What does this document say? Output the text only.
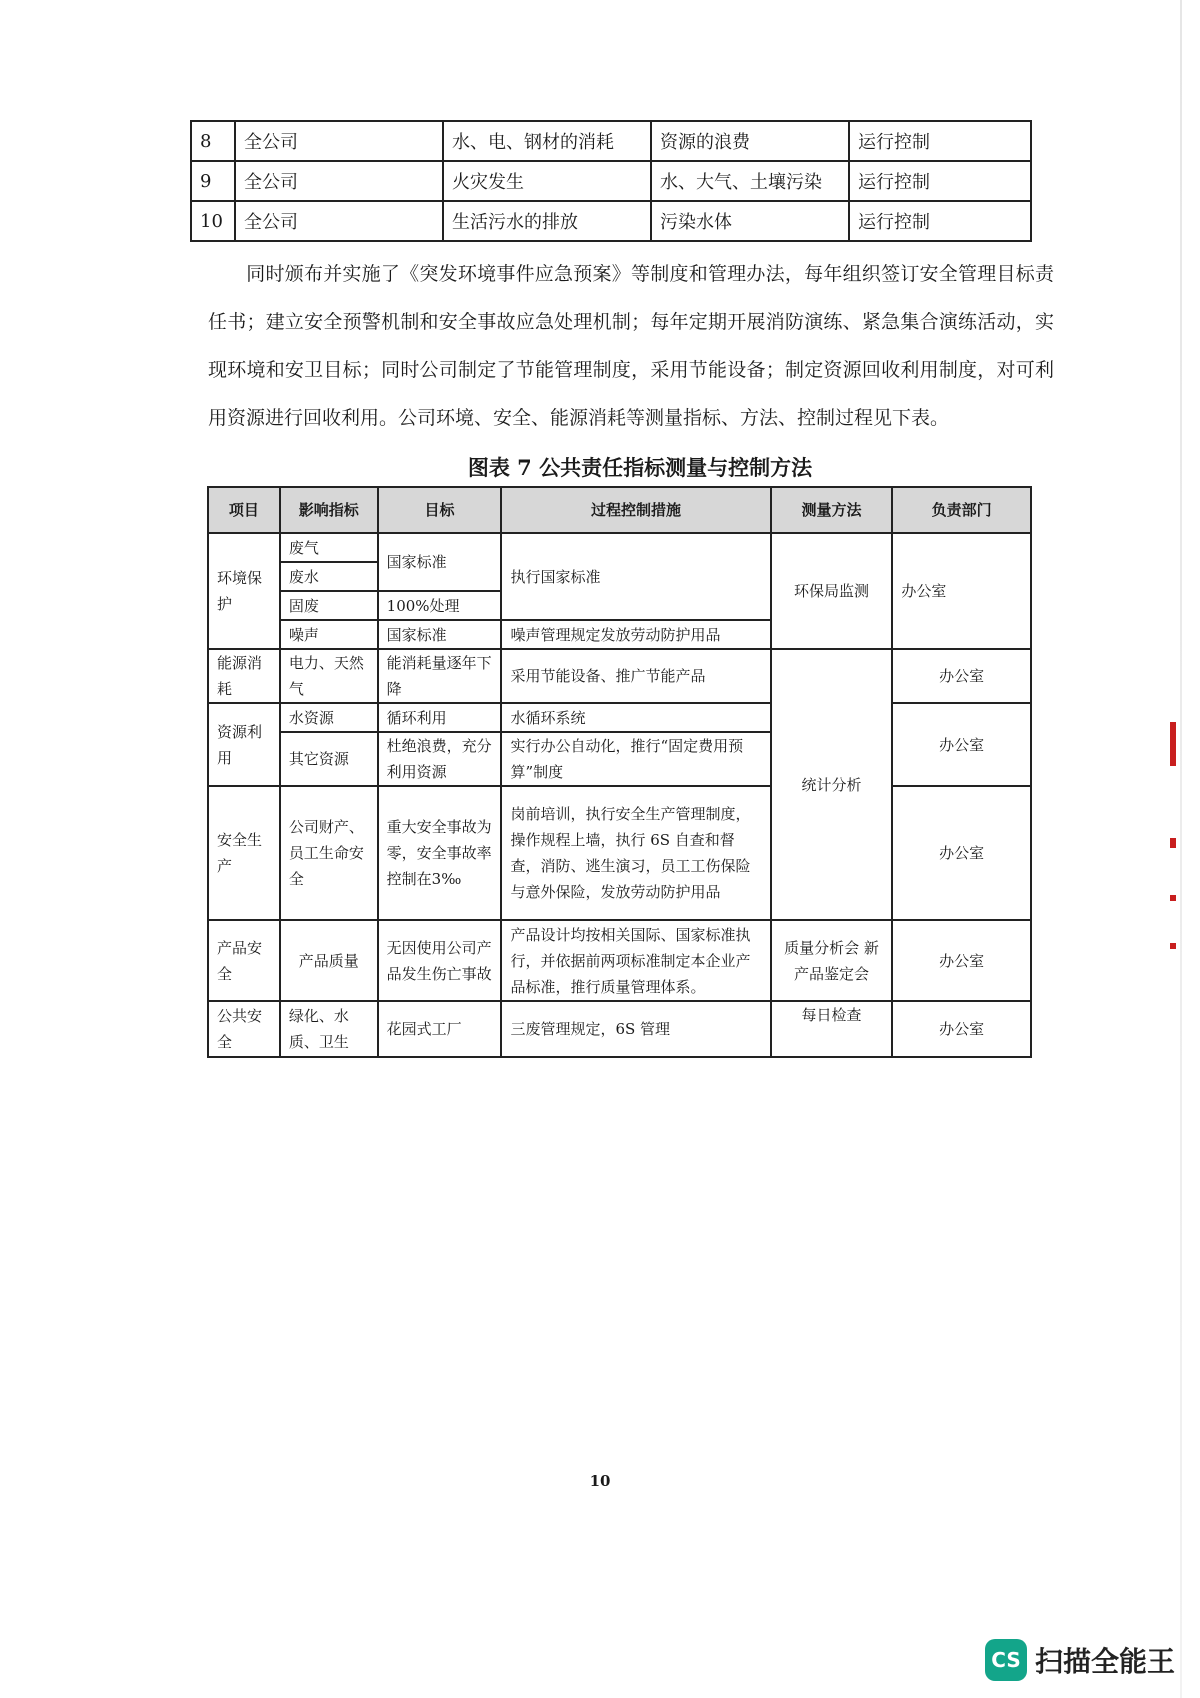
8	全公司	水、电、钢材的消耗	资源的浪费	运行控制
9	全公司	火灾发生	水、大气、土壤污染	运行控制
10	全公司	生活污水的排放	污染水体	运行控制
同时颁布并实施了《突发环境事件应急预案》等制度和管理办法，每年组织签订安全管理目标责任书；建立安全预警机制和安全事故应急处理机制；每年定期开展消防演练、紧急集合演练活动，实现环境和安卫目标；同时公司制定了节能管理制度，采用节能设备；制定资源回收利用制度，对可利用资源进行回收利用。公司环境、安全、能源消耗等测量指标、方法、控制过程见下表。
图表 7 公共责任指标测量与控制方法
项目	影响指标	目标	过程控制措施	测量方法	负责部门
环境保护	废气	国家标准	执行国家标准	环保局监测	办公室
	废水				
	固废	100%处理			
	噪声	国家标准	噪声管理规定发放劳动防护用品		
能源消耗	电力、天然气	能消耗量逐年下降	采用节能设备、推广节能产品	统计分析	办公室
资源利用	水资源	循环利用	水循环系统		办公室
	其它资源	杜绝浪费，充分利用资源	实行办公自动化，推行“固定费用预算”制度		
安全生产	公司财产、员工生命安全	重大安全事故为零，安全事故率控制在3‰	岗前培训，执行安全生产管理制度，操作规程上墙，执行 6S 自查和督查，消防、逃生演习，员工工伤保险与意外保险，发放劳动防护用品		办公室
产品安全	产品质量	无因使用公司产品发生伤亡事故	产品设计均按相关国际、国家标准执行，并依据前两项标准制定本企业产品标准，推行质量管理体系。	质量分析会 新产品鉴定会	办公室
公共安全	绿化、水质、卫生	花园式工厂	三废管理规定，6S 管理	每日检查	办公室
10
CS 扫描全能王
